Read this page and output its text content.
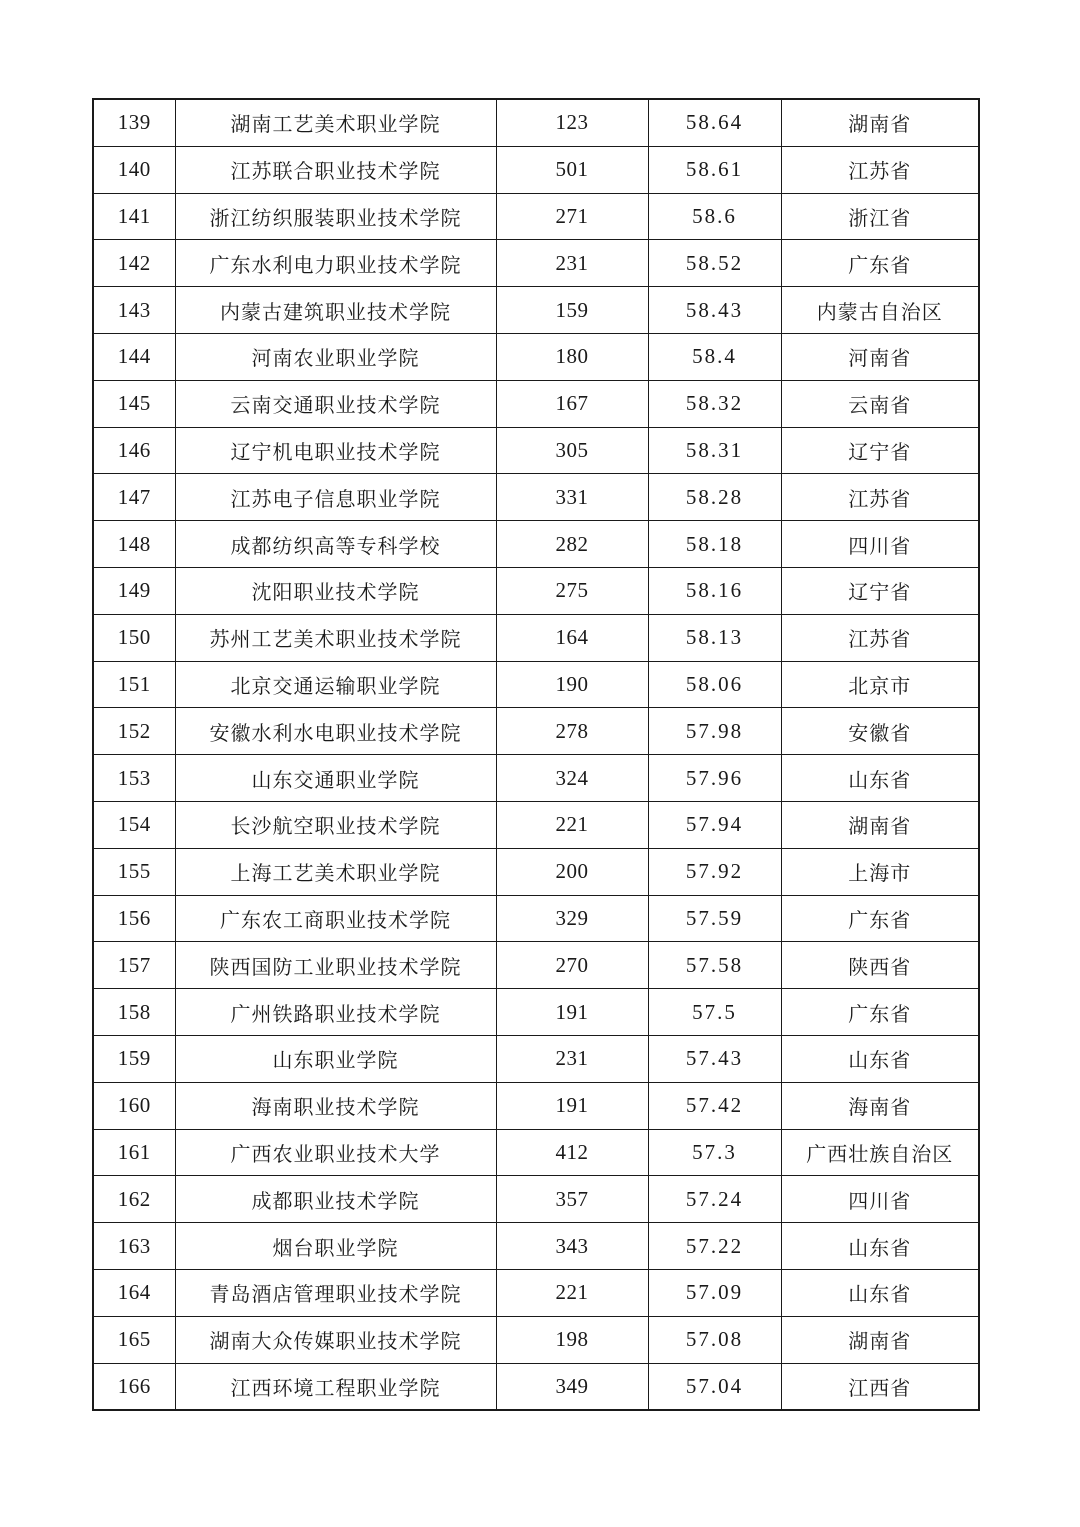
139	湖南工艺美术职业学院	123	58.64	湖南省
140	江苏联合职业技术学院	501	58.61	江苏省
141	浙江纺织服装职业技术学院	271	58.6	浙江省
142	广东水利电力职业技术学院	231	58.52	广东省
143	内蒙古建筑职业技术学院	159	58.43	内蒙古自治区
144	河南农业职业学院	180	58.4	河南省
145	云南交通职业技术学院	167	58.32	云南省
146	辽宁机电职业技术学院	305	58.31	辽宁省
147	江苏电子信息职业学院	331	58.28	江苏省
148	成都纺织高等专科学校	282	58.18	四川省
149	沈阳职业技术学院	275	58.16	辽宁省
150	苏州工艺美术职业技术学院	164	58.13	江苏省
151	北京交通运输职业学院	190	58.06	北京市
152	安徽水利水电职业技术学院	278	57.98	安徽省
153	山东交通职业学院	324	57.96	山东省
154	长沙航空职业技术学院	221	57.94	湖南省
155	上海工艺美术职业学院	200	57.92	上海市
156	广东农工商职业技术学院	329	57.59	广东省
157	陕西国防工业职业技术学院	270	57.58	陕西省
158	广州铁路职业技术学院	191	57.5	广东省
159	山东职业学院	231	57.43	山东省
160	海南职业技术学院	191	57.42	海南省
161	广西农业职业技术大学	412	57.3	广西壮族自治区
162	成都职业技术学院	357	57.24	四川省
163	烟台职业学院	343	57.22	山东省
164	青岛酒店管理职业技术学院	221	57.09	山东省
165	湖南大众传媒职业技术学院	198	57.08	湖南省
166	江西环境工程职业学院	349	57.04	江西省
